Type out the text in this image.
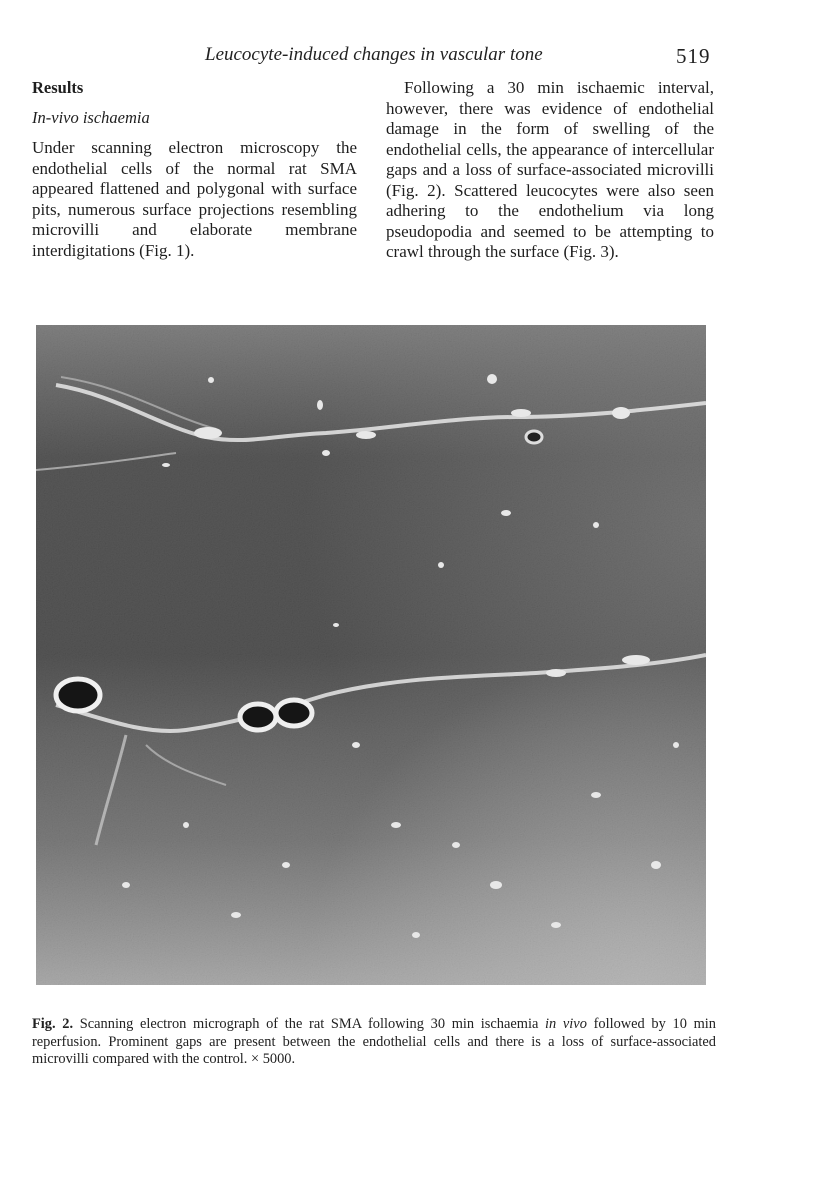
Leucocyte-induced changes in vascular tone	519
Results
In-vivo ischaemia

Under scanning electron microscopy the endothelial cells of the normal rat SMA appeared flattened and polygonal with surface pits, numerous surface projections resembling microvilli and elaborate membrane interdigitations (Fig. 1).

Following a 30 min ischaemic interval, however, there was evidence of endothelial damage in the form of swelling of the endothelial cells, the appearance of intercellular gaps and a loss of surface-associated microvilli (Fig. 2). Scattered leucocytes were also seen adhering to the endothelium via long pseudopodia and seemed to be attempting to crawl through the surface (Fig. 3).

Fig. 2. Scanning electron micrograph of the rat SMA following 30 min ischaemia in vivo followed by 10 min reperfusion. Prominent gaps are present between the endothelial cells and there is a loss of surface-associated microvilli compared with the control. × 5000.
